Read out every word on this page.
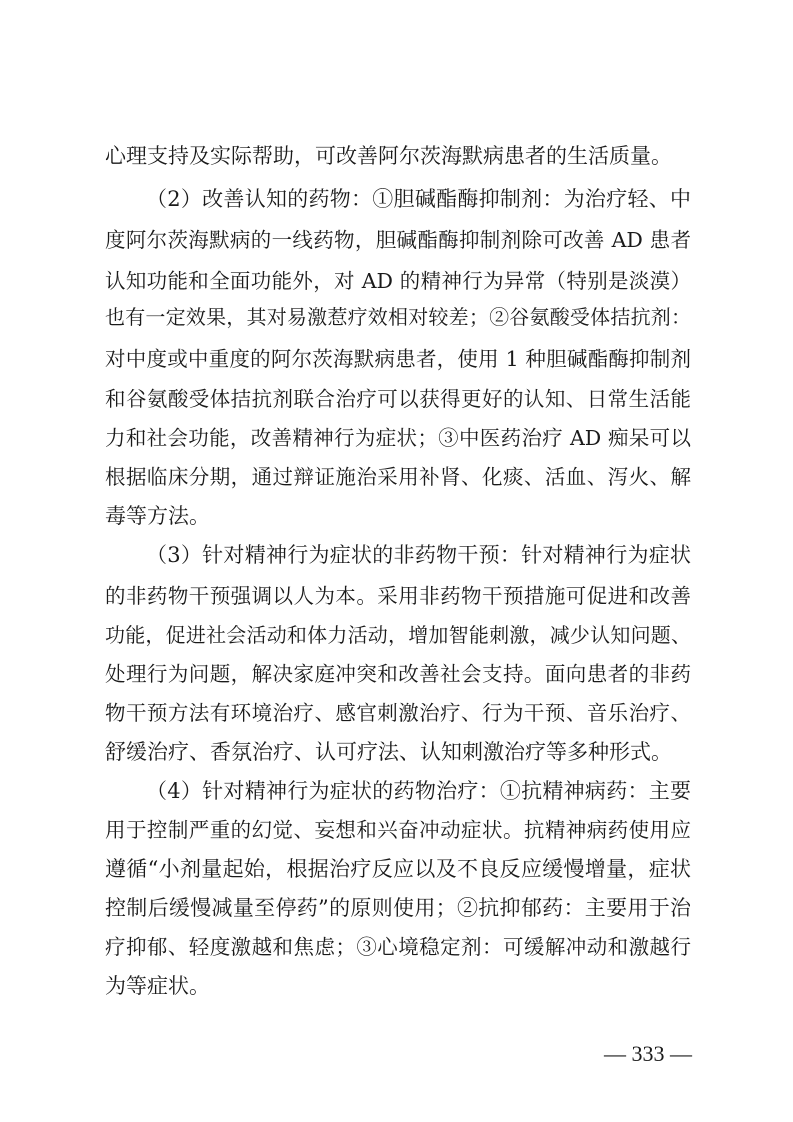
心理支持及实际帮助，可改善阿尔茨海默病患者的生活质量。
（2）改善认知的药物：①胆碱酯酶抑制剂：为治疗轻、中
度阿尔茨海默病的一线药物，胆碱酯酶抑制剂除可改善 AD 患者
认知功能和全面功能外，对 AD 的精神行为异常（特别是淡漠）
也有一定效果，其对易激惹疗效相对较差；②谷氨酸受体拮抗剂：
对中度或中重度的阿尔茨海默病患者，使用 1 种胆碱酯酶抑制剂
和谷氨酸受体拮抗剂联合治疗可以获得更好的认知、日常生活能
力和社会功能，改善精神行为症状；③中医药治疗 AD 痴呆可以
根据临床分期，通过辩证施治采用补肾、化痰、活血、泻火、解
毒等方法。
（3）针对精神行为症状的非药物干预：针对精神行为症状
的非药物干预强调以人为本。采用非药物干预措施可促进和改善
功能，促进社会活动和体力活动，增加智能刺激，减少认知问题、
处理行为问题，解决家庭冲突和改善社会支持。面向患者的非药
物干预方法有环境治疗、感官刺激治疗、行为干预、音乐治疗、
舒缓治疗、香氛治疗、认可疗法、认知刺激治疗等多种形式。
（4）针对精神行为症状的药物治疗：①抗精神病药：主要
用于控制严重的幻觉、妄想和兴奋冲动症状。抗精神病药使用应
遵循“小剂量起始，根据治疗反应以及不良反应缓慢增量，症状
控制后缓慢减量至停药”的原则使用；②抗抑郁药：主要用于治
疗抑郁、轻度激越和焦虑；③心境稳定剂：可缓解冲动和激越行
为等症状。
— 333 —
